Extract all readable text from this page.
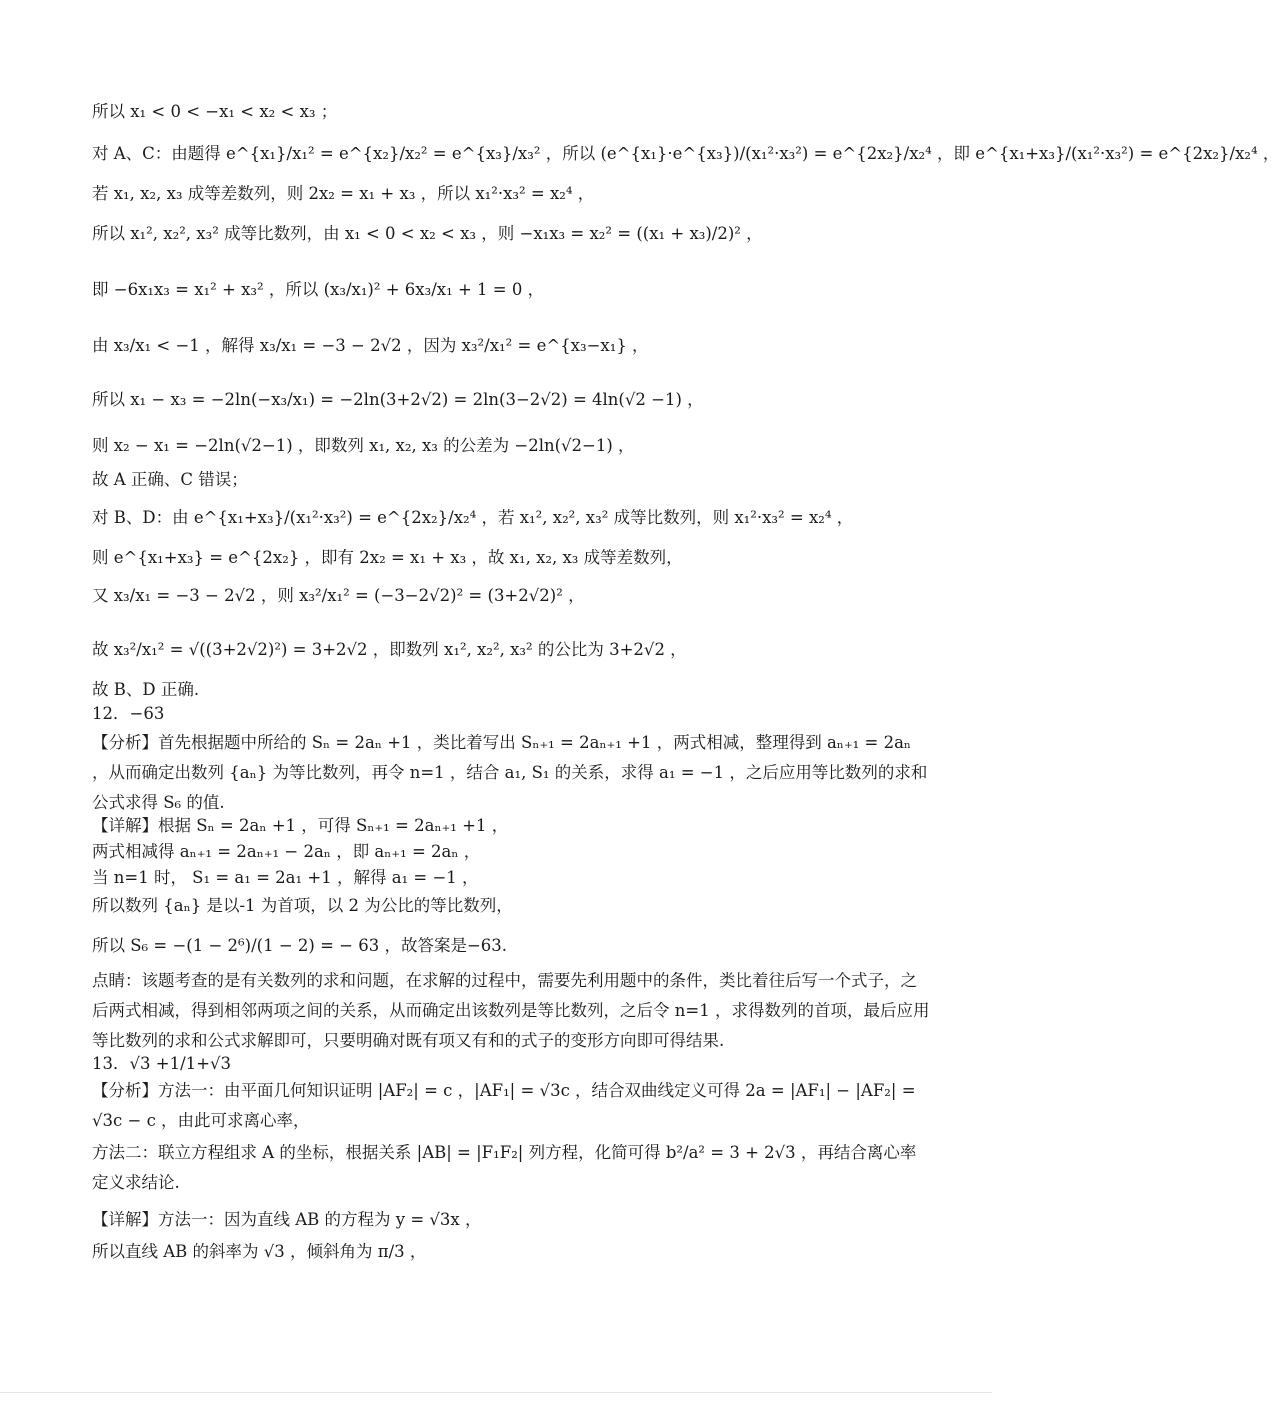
所以 x₁ < 0 < −x₁ < x₂ < x₃ ；
对 A、C：由题得 e^{x₁}/x₁² = e^{x₂}/x₂² = e^{x₃}/x₃² ，所以 (e^{x₁}·e^{x₃})/(x₁²·x₃²) = e^{2x₂}/x₂⁴ ，即 e^{x₁+x₃}/(x₁²·x₃²) = e^{2x₂}/x₂⁴ ，
若 x₁, x₂, x₃ 成等差数列，则 2x₂ = x₁ + x₃ ，所以 x₁²·x₃² = x₂⁴ ，
所以 x₁², x₂², x₃² 成等比数列，由 x₁ < 0 < x₂ < x₃ ，则 −x₁x₃ = x₂² = ((x₁ + x₃)/2)² ，
即 −6x₁x₃ = x₁² + x₃² ，所以 (x₃/x₁)² + 6x₃/x₁ + 1 = 0 ，
由 x₃/x₁ < −1 ，解得 x₃/x₁ = −3 − 2√2 ，因为 x₃²/x₁² = e^{x₃−x₁} ，
所以 x₁ − x₃ = −2ln(−x₃/x₁) = −2ln(3+2√2) = 2ln(3−2√2) = 4ln(√2 −1) ，
则 x₂ − x₁ = −2ln(√2−1) ，即数列 x₁, x₂, x₃ 的公差为 −2ln(√2−1) ，
故 A 正确、C 错误；
对 B、D：由 e^{x₁+x₃}/(x₁²·x₃²) = e^{2x₂}/x₂⁴ ，若 x₁², x₂², x₃² 成等比数列，则 x₁²·x₃² = x₂⁴ ，
则 e^{x₁+x₃} = e^{2x₂} ，即有 2x₂ = x₁ + x₃ ，故 x₁, x₂, x₃ 成等差数列，
又 x₃/x₁ = −3 − 2√2 ，则 x₃²/x₁² = (−3−2√2)² = (3+2√2)² ，
故 x₃²/x₁² = √((3+2√2)²) = 3+2√2 ，即数列 x₁², x₂², x₃² 的公比为 3+2√2 ，
故 B、D 正确.
12．−63
【分析】首先根据题中所给的 Sₙ = 2aₙ +1 ，类比着写出 Sₙ₊₁ = 2aₙ₊₁ +1 ，两式相减，整理得到 aₙ₊₁ = 2aₙ ，从而确定出数列 {aₙ} 为等比数列，再令 n=1 ，结合 a₁, S₁ 的关系，求得 a₁ = −1 ，之后应用等比数列的求和公式求得 S₆ 的值.
【详解】根据 Sₙ = 2aₙ +1 ，可得 Sₙ₊₁ = 2aₙ₊₁ +1 ，
两式相减得 aₙ₊₁ = 2aₙ₊₁ − 2aₙ ，即 aₙ₊₁ = 2aₙ ，
当 n=1 时， S₁ = a₁ = 2a₁ +1 ，解得 a₁ = −1 ，
所以数列 {aₙ} 是以-1 为首项，以 2 为公比的等比数列，
所以 S₆ = −(1 − 2⁶)/(1 − 2) = − 63 ，故答案是−63.
点睛：该题考查的是有关数列的求和问题，在求解的过程中，需要先利用题中的条件，类比着往后写一个式子，之后两式相减，得到相邻两项之间的关系，从而确定出该数列是等比数列，之后令 n=1 ，求得数列的首项，最后应用等比数列的求和公式求解即可，只要明确对既有项又有和的式子的变形方向即可得结果.
13．√3 +1/1+√3
【分析】方法一：由平面几何知识证明 |AF₂| = c ，|AF₁| = √3c ，结合双曲线定义可得 2a = |AF₁| − |AF₂| = √3c − c ，由此可求离心率，
方法二：联立方程组求 A 的坐标，根据关系 |AB| = |F₁F₂| 列方程，化简可得 b²/a² = 3 + 2√3 ，再结合离心率定义求结论.
【详解】方法一：因为直线 AB 的方程为 y = √3x ，
所以直线 AB 的斜率为 √3 ，倾斜角为 π/3 ，
